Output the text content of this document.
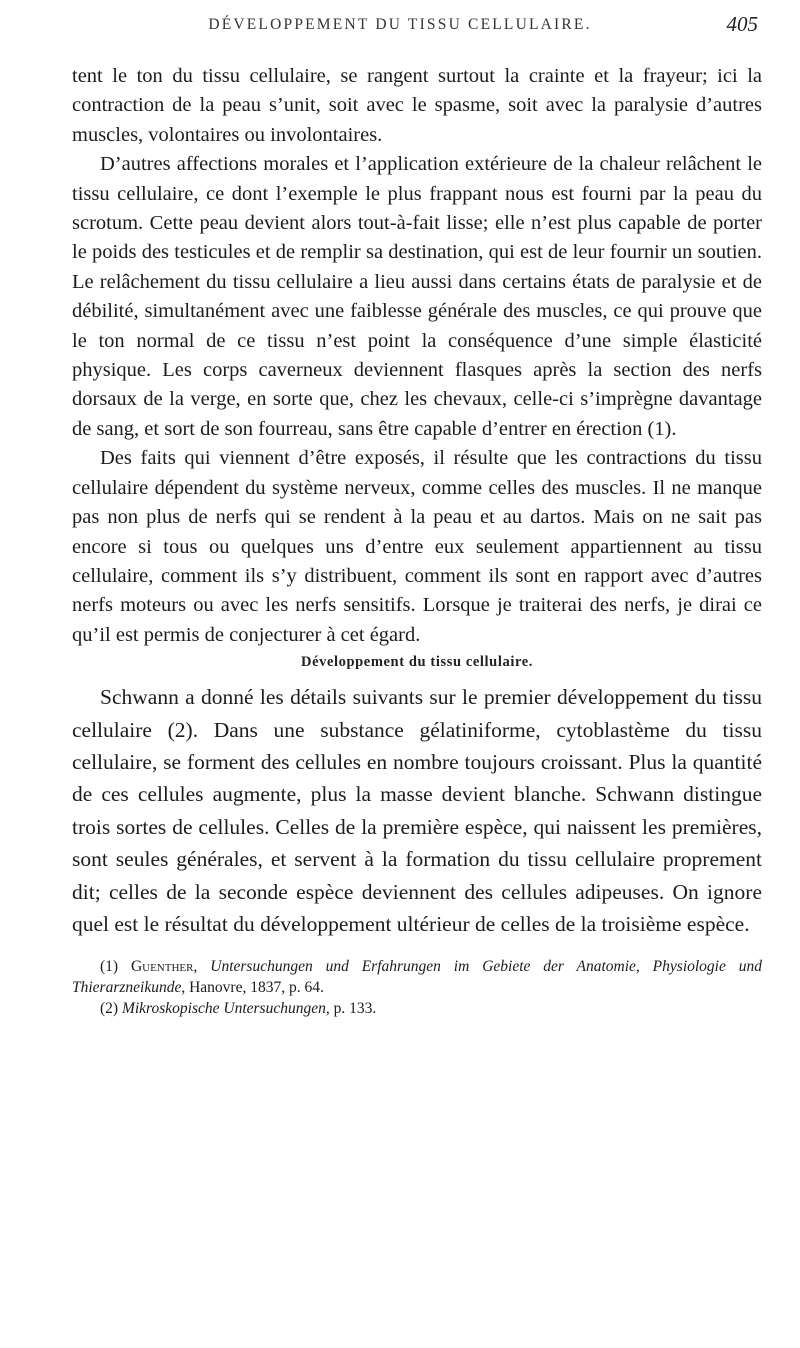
DÉVELOPPEMENT DU TISSU CELLULAIRE.	405

tent le ton du tissu cellulaire, se rangent surtout la crainte et la frayeur; ici la contraction de la peau s’unit, soit avec le spasme, soit avec la paralysie d’autres muscles, volontaires ou involontaires.

D’autres affections morales et l’application extérieure de la chaleur relâchent le tissu cellulaire, ce dont l’exemple le plus frappant nous est fourni par la peau du scrotum. Cette peau devient alors tout-à-fait lisse; elle n’est plus capable de porter le poids des testicules et de remplir sa destination, qui est de leur fournir un soutien. Le relâchement du tissu cellulaire a lieu aussi dans certains états de paralysie et de débilité, simultanément avec une faiblesse générale des muscles, ce qui prouve que le ton normal de ce tissu n’est point la conséquence d’une simple élasticité physique. Les corps caverneux deviennent flasques après la section des nerfs dorsaux de la verge, en sorte que, chez les chevaux, celle-ci s’imprègne davantage de sang, et sort de son fourreau, sans être capable d’entrer en érection (1).

Des faits qui viennent d’être exposés, il résulte que les contractions du tissu cellulaire dépendent du système nerveux, comme celles des muscles. Il ne manque pas non plus de nerfs qui se rendent à la peau et au dartos. Mais on ne sait pas encore si tous ou quelques uns d’entre eux seulement appartiennent au tissu cellulaire, comment ils s’y distribuent, comment ils sont en rapport avec d’autres nerfs moteurs ou avec les nerfs sensitifs. Lorsque je traiterai des nerfs, je dirai ce qu’il est permis de conjecturer à cet égard.

Développement du tissu cellulaire.

Schwann a donné les détails suivants sur le premier développement du tissu cellulaire (2). Dans une substance gélatiniforme, cytoblastème du tissu cellulaire, se forment des cellules en nombre toujours croissant. Plus la quantité de ces cellules augmente, plus la masse devient blanche. Schwann distingue trois sortes de cellules. Celles de la première espèce, qui naissent les premières, sont seules générales, et servent à la formation du tissu cellulaire proprement dit; celles de la seconde espèce deviennent des cellules adipeuses. On ignore quel est le résultat du développement ultérieur de celles de la troisième espèce.

(1) Guenther, Untersuchungen und Erfahrungen im Gebiete der Anatomie, Physiologie und Thierarzneikunde, Hanovre, 1837, p. 64.

(2) Mikroskopische Untersuchungen, p. 133.
